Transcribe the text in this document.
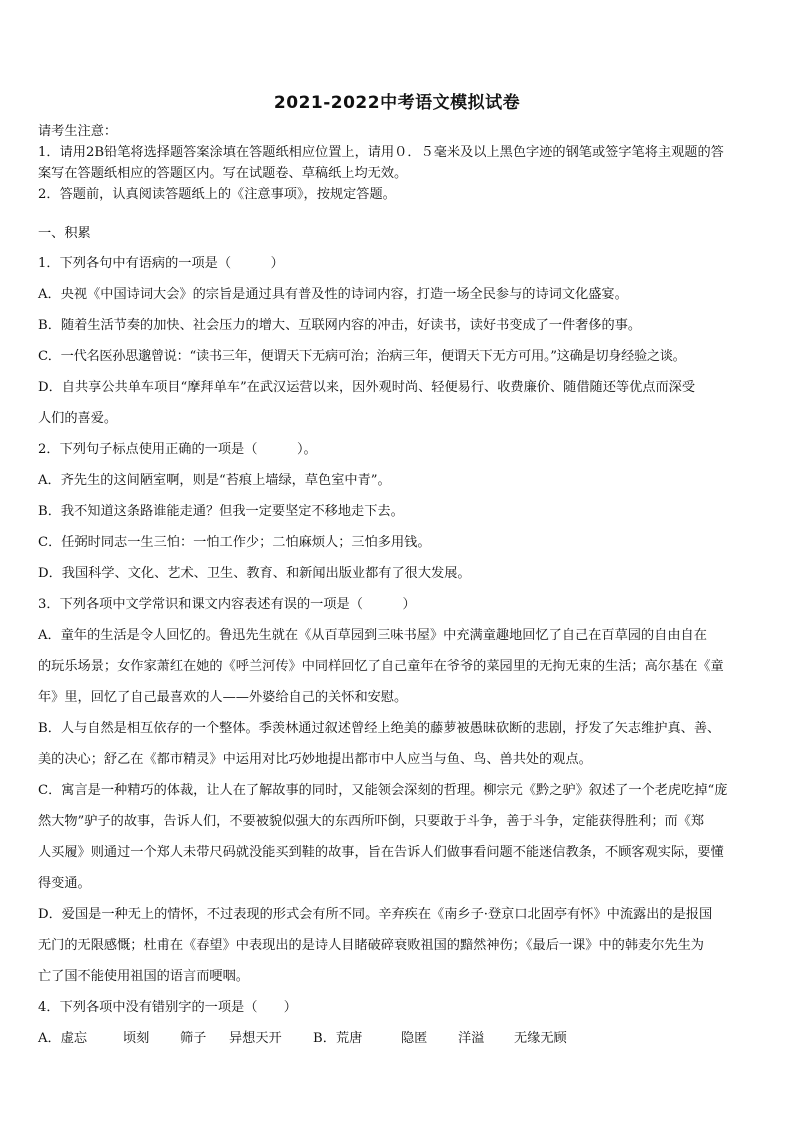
2021-2022中考语文模拟试卷

请考生注意：

1．请用2B铅笔将选择题答案涂填在答题纸相应位置上，请用０．５毫米及以上黑色字迹的钢笔或签字笔将主观题的答

案写在答题纸相应的答题区内。写在试题卷、草稿纸上均无效。

2．答题前，认真阅读答题纸上的《注意事项》，按规定答题。

一、积累

1．下列各句中有语病的一项是（　　　）

A．央视《中国诗词大会》的宗旨是通过具有普及性的诗词内容，打造一场全民参与的诗词文化盛宴。

B．随着生活节奏的加快、社会压力的增大、互联网内容的冲击，好读书，读好书变成了一件奢侈的事。

C．一代名医孙思邈曾说：“读书三年，便谓天下无病可治；治病三年，便谓天下无方可用。”这确是切身经验之谈。

D．自共享公共单车项目“摩拜单车”在武汉运营以来，因外观时尚、轻便易行、收费廉价、随借随还等优点而深受

人们的喜爱。

2．下列句子标点使用正确的一项是（　　　）。

A．齐先生的这间陋室啊，则是“苔痕上墙绿，草色室中青”。

B．我不知道这条路谁能走通？但我一定要坚定不移地走下去。

C．任弼时同志一生三怕：一怕工作少；二怕麻烦人；三怕多用钱。

D．我国科学、文化、艺术、卫生、教育、和新闻出版业都有了很大发展。

3．下列各项中文学常识和课文内容表述有误的一项是（　　　）

A．童年的生活是令人回忆的。鲁迅先生就在《从百草园到三味书屋》中充满童趣地回忆了自己在百草园的自由自在

的玩乐场景；女作家萧红在她的《呼兰河传》中同样回忆了自己童年在爷爷的菜园里的无拘无束的生活；高尔基在《童

年》里，回忆了自己最喜欢的人——外婆给自己的关怀和安慰。

B．人与自然是相互依存的一个整体。季羡林通过叙述曾经上绝美的藤萝被愚昧砍断的悲剧，抒发了矢志维护真、善、

美的决心；舒乙在《都市精灵》中运用对比巧妙地提出都市中人应当与鱼、鸟、兽共处的观点。

C．寓言是一种精巧的体裁，让人在了解故事的同时，又能领会深刻的哲理。柳宗元《黔之驴》叙述了一个老虎吃掉“庞

然大物”驴子的故事，告诉人们，不要被貌似强大的东西所吓倒，只要敢于斗争，善于斗争，定能获得胜利；而《郑

人买履》则通过一个郑人未带尺码就没能买到鞋的故事，旨在告诉人们做事看问题不能迷信教条，不顾客观实际，要懂

得变通。

D．爱国是一种无上的情怀，不过表现的形式会有所不同。辛弃疾在《南乡子·登京口北固亭有怀》中流露出的是报国

无门的无限感慨；杜甫在《春望》中表现出的是诗人目睹破碎衰败祖国的黯然神伤；《最后一课》中的韩麦尔先生为

亡了国不能使用祖国的语言而哽咽。

4．下列各项中没有错别字的一项是（　　）

A．虚忘	顷刻	筛子	异想天开	B．荒唐	隐匿	洋溢	无缘无顾
